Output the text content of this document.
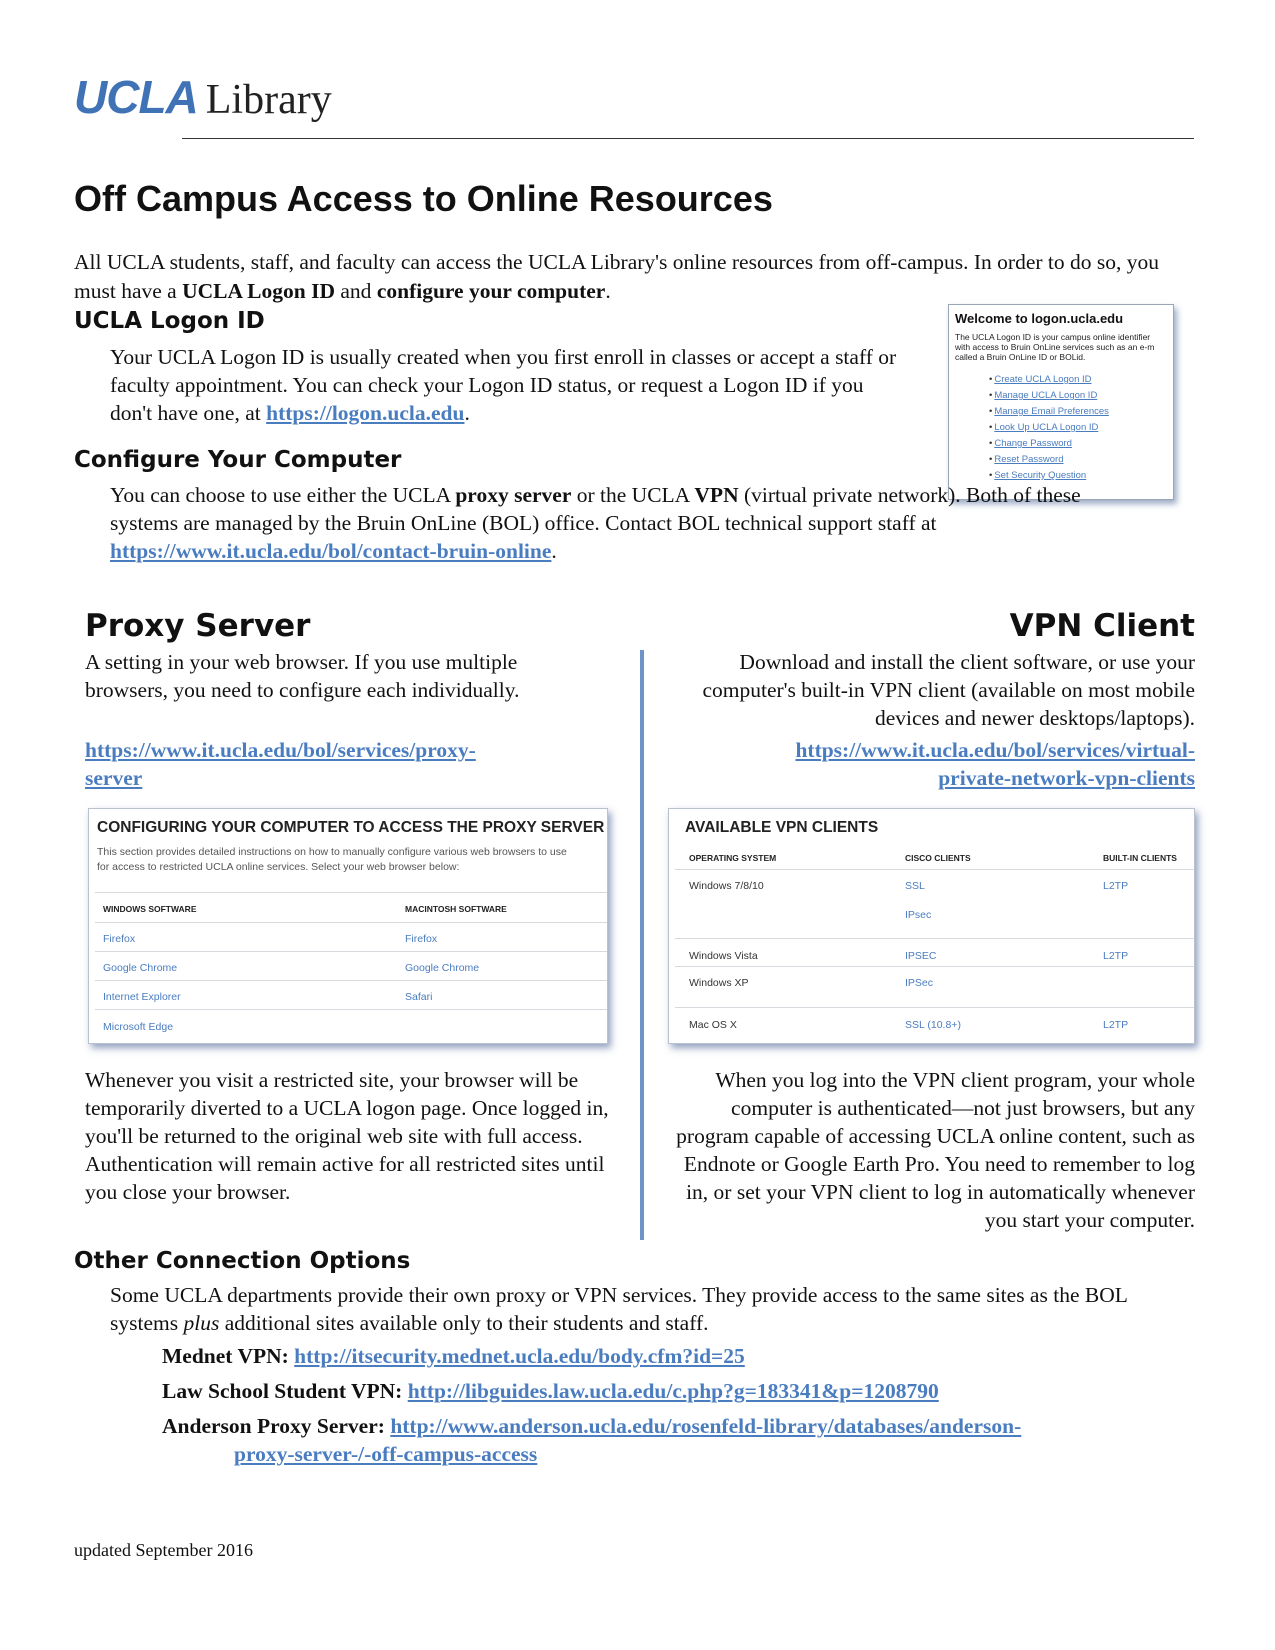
UCLA Library
Off Campus Access to Online Resources

All UCLA students, staff, and faculty can access the UCLA Library's online resources from off-campus. In order to do so, you must have a UCLA Logon ID and configure your computer.

UCLA Logon ID

Your UCLA Logon ID is usually created when you first enroll in classes or accept a staff or faculty appointment. You can check your Logon ID status, or request a Logon ID if you don't have one, at https://logon.ucla.edu.

Welcome to logon.ucla.edu
The UCLA Logon ID is your campus online identifier
with access to Bruin OnLine services such as an e-m
called a Bruin OnLine ID or BOLid.
• Create UCLA Logon ID
• Manage UCLA Logon ID
• Manage Email Preferences
• Look Up UCLA Logon ID
• Change Password
• Reset Password
• Set Security Question
Configure Your Computer

You can choose to use either the UCLA proxy server or the UCLA VPN (virtual private network). Both of these systems are managed by the Bruin OnLine (BOL) office. Contact BOL technical support staff at https://www.it.ucla.edu/bol/contact-bruin-online.

Proxy Server

A setting in your web browser. If you use multiple browsers, you need to configure each individually.

https://www.it.ucla.edu/bol/services/proxy-
server
CONFIGURING YOUR COMPUTER TO ACCESS THE PROXY SERVER
This section provides detailed instructions on how to manually configure various web browsers to use
for access to restricted UCLA online services. Select your web browser below:
WINDOWS SOFTWARE	MACINTOSH SOFTWARE
Firefox	Firefox
Google Chrome	Google Chrome
Internet Explorer	Safari
Microsoft Edge

Whenever you visit a restricted site, your browser will be temporarily diverted to a UCLA logon page. Once logged in, you'll be returned to the original web site with full access. Authentication will remain active for all restricted sites until you close your browser.

VPN Client

Download and install the client software, or use your computer's built-in VPN client (available on most mobile devices and newer desktops/laptops).

https://www.it.ucla.edu/bol/services/virtual-
private-network-vpn-clients
AVAILABLE VPN CLIENTS
OPERATING SYSTEM	CISCO CLIENTS	BUILT-IN CLIENTS
Windows 7/8/10	SSL	L2TP
IPsec
Windows Vista	IPSEC	L2TP
Windows XP	IPSec
Mac OS X	SSL (10.8+)	L2TP

When you log into the VPN client program, your whole computer is authenticated—not just browsers, but any program capable of accessing UCLA online content, such as Endnote or Google Earth Pro. You need to remember to log in, or set your VPN client to log in automatically whenever you start your computer.

Other Connection Options

Some UCLA departments provide their own proxy or VPN services. They provide access to the same sites as the BOL systems plus additional sites available only to their students and staff.

Mednet VPN: http://itsecurity.mednet.ucla.edu/body.cfm?id=25
Law School Student VPN: http://libguides.law.ucla.edu/c.php?g=183341&p=1208790
Anderson Proxy Server: http://www.anderson.ucla.edu/rosenfeld-library/databases/anderson-
proxy-server-/-off-campus-access
updated September 2016
